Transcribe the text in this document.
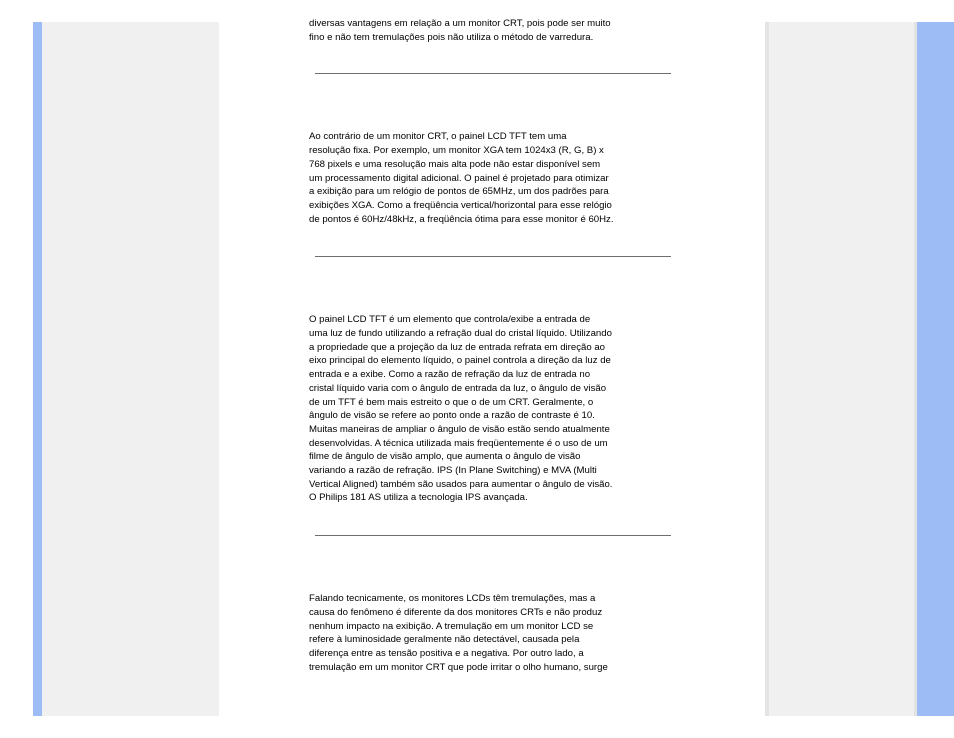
diversas vantagens em relação a um monitor CRT, pois pode ser muito
fino e não tem tremulações pois não utiliza o método de varredura.

Ao contrário de um monitor CRT, o painel LCD TFT tem uma
resolução fixa. Por exemplo, um monitor XGA tem 1024x3 (R, G, B) x
768 pixels e uma resolução mais alta pode não estar disponível sem
um processamento digital adicional. O painel é projetado para otimizar
a exibição para um relógio de pontos de 65MHz, um dos padrões para
exibições XGA. Como a freqüência vertical/horizontal para esse relógio
de pontos é 60Hz/48kHz, a freqüência ótima para esse monitor é 60Hz.

O painel LCD TFT é um elemento que controla/exibe a entrada de
uma luz de fundo utilizando a refração dual do cristal líquido. Utilizando
a propriedade que a projeção da luz de entrada refrata em direção ao
eixo principal do elemento líquido, o painel controla a direção da luz de
entrada e a exibe. Como a razão de refração da luz de entrada no
cristal líquido varia com o ângulo de entrada da luz, o ângulo de visão
de um TFT é bem mais estreito o que o de um CRT. Geralmente, o
ângulo de visão se refere ao ponto onde a razão de contraste é 10.
Muitas maneiras de ampliar o ângulo de visão estão sendo atualmente
desenvolvidas. A técnica utilizada mais freqüentemente é o uso de um
filme de ângulo de visão amplo, que aumenta o ângulo de visão
variando a razão de refração. IPS (In Plane Switching) e MVA (Multi
Vertical Aligned) também são usados para aumentar o ângulo de visão.
O Philips 181 AS utiliza a tecnologia IPS avançada.

Falando tecnicamente, os monitores LCDs têm tremulações, mas a
causa do fenômeno é diferente da dos monitores CRTs e não produz
nenhum impacto na exibição. A tremulação em um monitor LCD se
refere à luminosidade geralmente não detectável, causada pela
diferença entre as tensão positiva e a negativa. Por outro lado, a
tremulação em um monitor CRT que pode irritar o olho humano, surge
